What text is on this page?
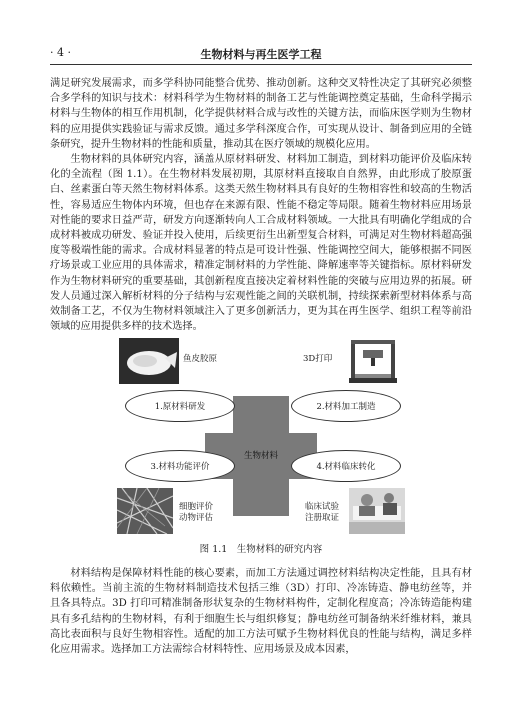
· 4 ·	生物材料与再生医学工程

满足研究发展需求，而多学科协同能整合优势、推动创新。这种交叉特性决定了其研究必须整合多学科的知识与技术：材料科学为生物材料的制备工艺与性能调控奠定基础，生命科学揭示材料与生物体的相互作用机制，化学提供材料合成与改性的关键方法，而临床医学则为生物材料的应用提供实践验证与需求反馈。通过多学科深度合作，可实现从设计、制备到应用的全链条研究，提升生物材料的性能和质量，推动其在医疗领域的规模化应用。

生物材料的具体研究内容，涵盖从原材料研发、材料加工制造，到材料功能评价及临床转化的全流程（图 1.1）。在生物材料发展初期，其原材料直接取自自然界，由此形成了胶原蛋白、丝素蛋白等天然生物材料体系。这类天然生物材料具有良好的生物相容性和较高的生物活性，容易适应生物体内环境，但也存在来源有限、性能不稳定等局限。随着生物材料应用场景对性能的要求日益严苛，研发方向逐渐转向人工合成材料领域。一大批具有明确化学组成的合成材料被成功研发、验证并投入使用，后续更衍生出新型复合材料，可满足对生物材料超高强度等极端性能的需求。合成材料显著的特点是可设计性强、性能调控空间大，能够根据不同医疗场景或工业应用的具体需求，精准定制材料的力学性能、降解速率等关键指标。原材料研发作为生物材料研究的重要基础，其创新程度直接决定着材料性能的突破与应用边界的拓展。研发人员通过深入解析材料的分子结构与宏观性能之间的关联机制，持续探索新型材料体系与高效制备工艺，不仅为生物材料领域注入了更多创新活力，更为其在再生医学、组织工程等前沿领域的应用提供多样的技术选择。

鱼皮胶原	3D打印
生物材料
1.原材料研发	2.材料加工制造
3.材料功能评价	4.材料临床转化
细胞评价
动物评估
临床试验
注册取证
图 1.1　生物材料的研究内容

材料结构是保障材料性能的核心要素，而加工方法通过调控材料结构决定性能，且具有材料依赖性。当前主流的生物材料制造技术包括三维（3D）打印、冷冻铸造、静电纺丝等，并且各具特点。3D 打印可精准制备形状复杂的生物材料构件，定制化程度高；冷冻铸造能构建具有多孔结构的生物材料，有利于细胞生长与组织修复；静电纺丝可制备纳米纤维材料，兼具高比表面积与良好生物相容性。适配的加工方法可赋予生物材料优良的性能与结构，满足多样化应用需求。选择加工方法需综合材料特性、应用场景及成本因素，
